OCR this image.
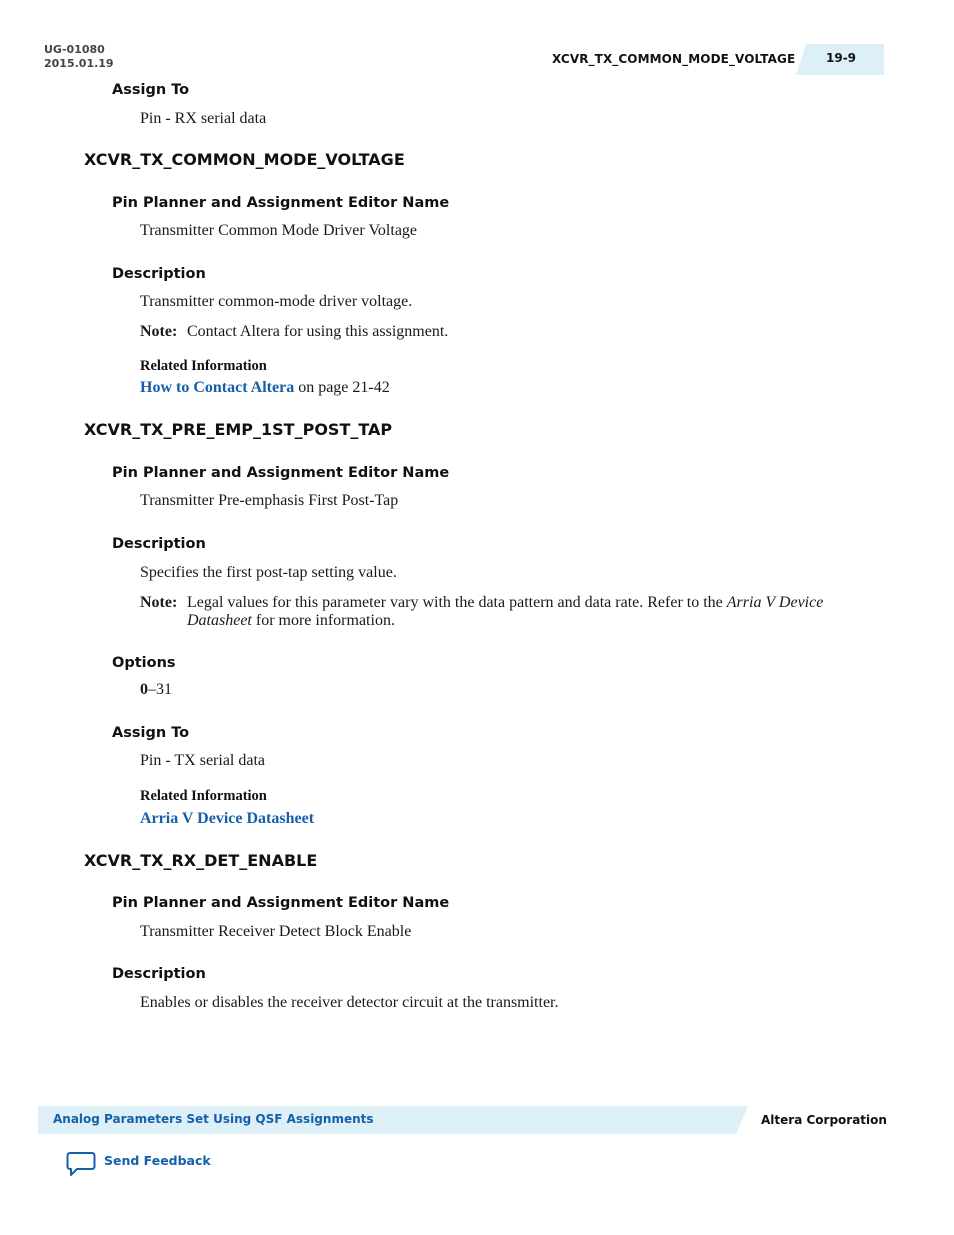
UG-01080
2015.01.19	XCVR_TX_COMMON_MODE_VOLTAGE	19-9
Assign To
Pin - RX serial data
XCVR_TX_COMMON_MODE_VOLTAGE
Pin Planner and Assignment Editor Name
Transmitter Common Mode Driver Voltage
Description
Transmitter common-mode driver voltage.
Note: Contact Altera for using this assignment.
Related Information
How to Contact Altera on page 21-42
XCVR_TX_PRE_EMP_1ST_POST_TAP
Pin Planner and Assignment Editor Name
Transmitter Pre-emphasis First Post-Tap
Description
Specifies the first post-tap setting value.
Note: Legal values for this parameter vary with the data pattern and data rate. Refer to the Arria V Device Datasheet for more information.
Options
0–31
Assign To
Pin - TX serial data
Related Information
Arria V Device Datasheet
XCVR_TX_RX_DET_ENABLE
Pin Planner and Assignment Editor Name
Transmitter Receiver Detect Block Enable
Description
Enables or disables the receiver detector circuit at the transmitter.
Analog Parameters Set Using QSF Assignments	Altera Corporation
Send Feedback
